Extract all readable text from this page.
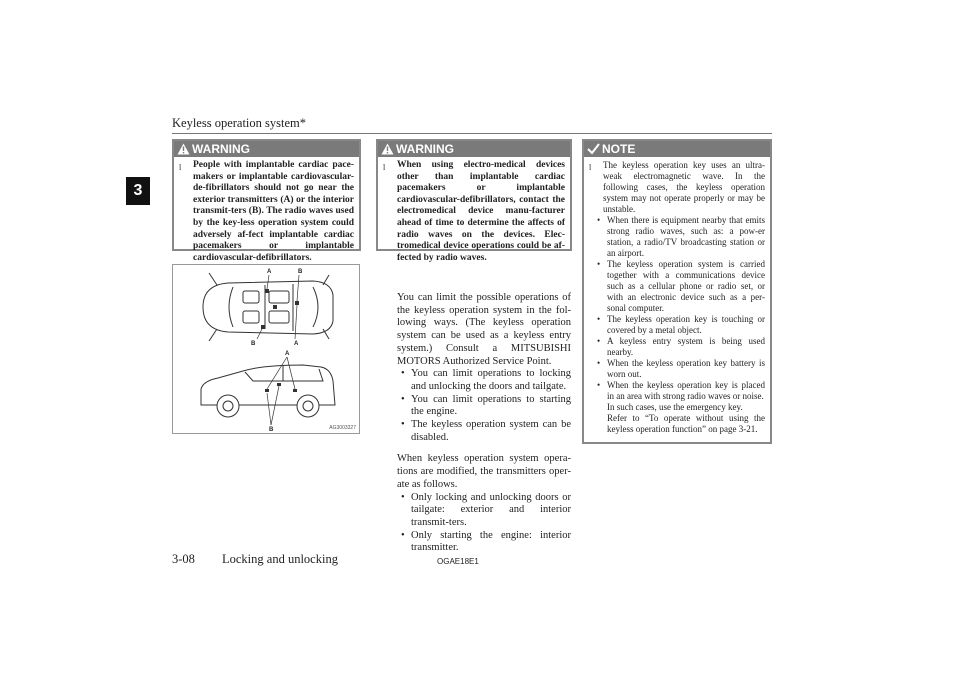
Keyless operation system*
3
WARNING
l	People with implantable cardiac pace-makers or implantable cardiovascular-de-fibrillators should not go near the exterior transmitters (A) or the interior transmit-ters (B). The radio waves used by the key-less operation system could adversely af-fect implantable cardiac pacemakers or implantable cardiovascular-defibrillators.
WARNING
l	When using electro-medical devices other than implantable cardiac pacemakers or implantable cardiovascular-defibrillators, contact the electromedical device manu-facturer ahead of time to determine the affects of radio waves on the devices. Elec-tromedical device operations could be af-fected by radio waves.
A	B
B	A
A
B	AG3003327

You can limit the possible operations of the keyless operation system in the fol-lowing ways. (The keyless operation system can be used as a keyless entry system.) Consult a MITSUBISHI MOTORS Authorized Service Point.

• You can limit operations to locking and unlocking the doors and tailgate.
• You can limit operations to starting the engine.
• The keyless operation system can be disabled.

When keyless operation system opera-tions are modified, the transmitters oper-ate as follows.

• Only locking and unlocking doors or tailgate: exterior and interior transmit-ters.
• Only starting the engine: interior transmitter.
NOTE
l	The keyless operation key uses an ultra-weak electromagnetic wave. In the following cases, the keyless operation system may not operate properly or may be unstable.
• When there is equipment nearby that emits strong radio waves, such as: a pow-er station, a radio/TV broadcasting station or an airport.
• The keyless operation system is carried together with a communications device such as a cellular phone or radio set, or with an electronic device such as a per-sonal computer.
• The keyless operation key is touching or covered by a metal object.
• A keyless entry system is being used nearby.
• When the keyless operation key battery is worn out.
• When the keyless operation key is placed in an area with strong radio waves or noise.
In such cases, use the emergency key.
Refer to “To operate without using the keyless operation function” on page 3-21.
3-08 Locking and unlocking	OGAE18E1
